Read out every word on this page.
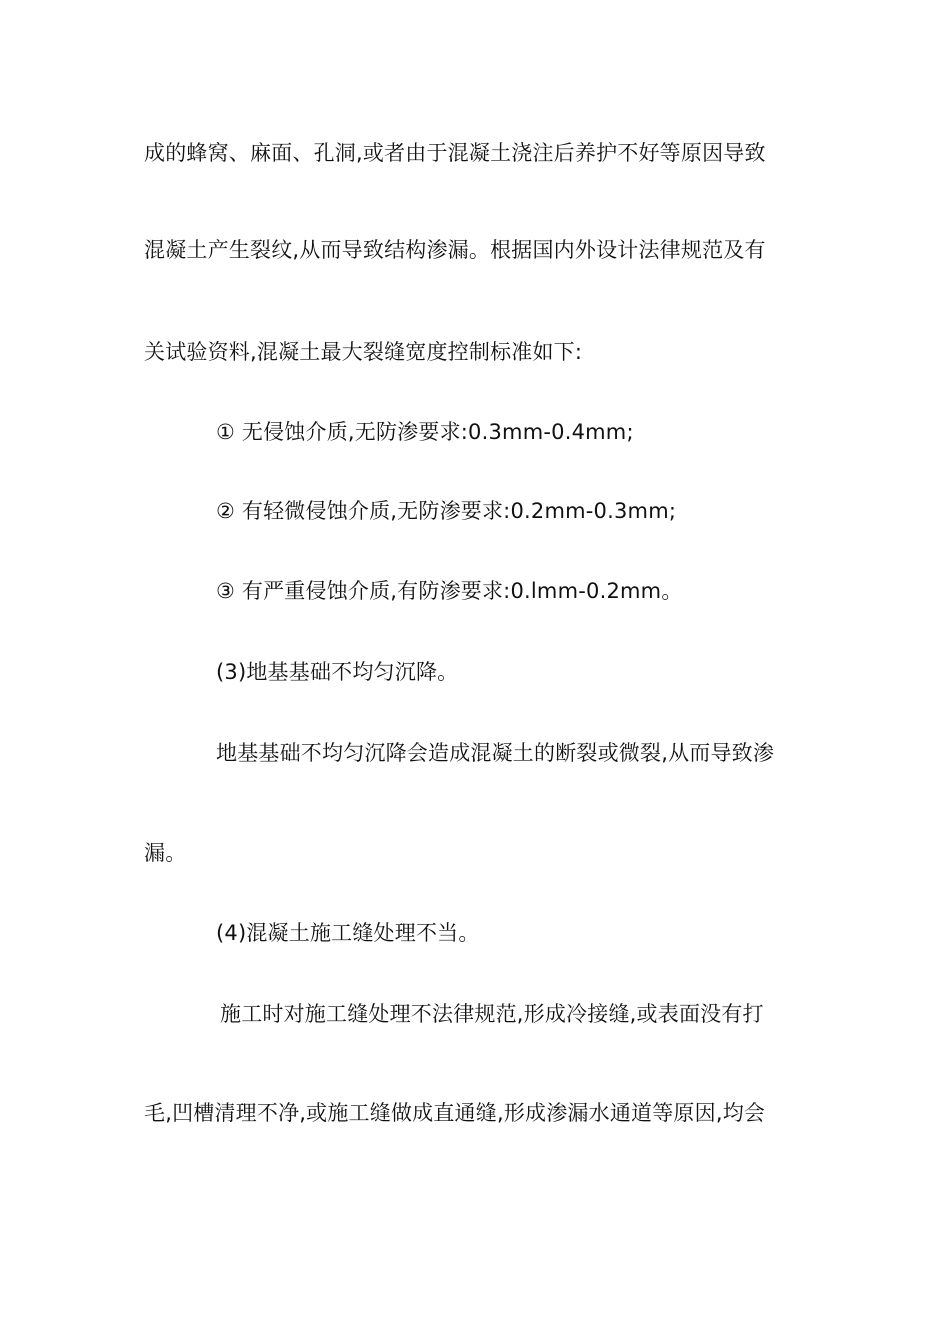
成的蜂窝、麻面、孔洞,或者由于混凝土浇注后养护不好等原因导致
混凝土产生裂纹,从而导致结构渗漏。根据国内外设计法律规范及有
关试验资料,混凝土最大裂缝宽度控制标准如下:
① 无侵蚀介质,无防渗要求:0.3mm-0.4mm;
② 有轻微侵蚀介质,无防渗要求:0.2mm-0.3mm;
③ 有严重侵蚀介质,有防渗要求:0.lmm-0.2mm。
(3)地基基础不均匀沉降。
地基基础不均匀沉降会造成混凝土的断裂或微裂,从而导致渗
漏。
(4)混凝土施工缝处理不当。
施工时对施工缝处理不法律规范,形成冷接缝,或表面没有打
毛,凹槽清理不净,或施工缝做成直通缝,形成渗漏水通道等原因,均会
